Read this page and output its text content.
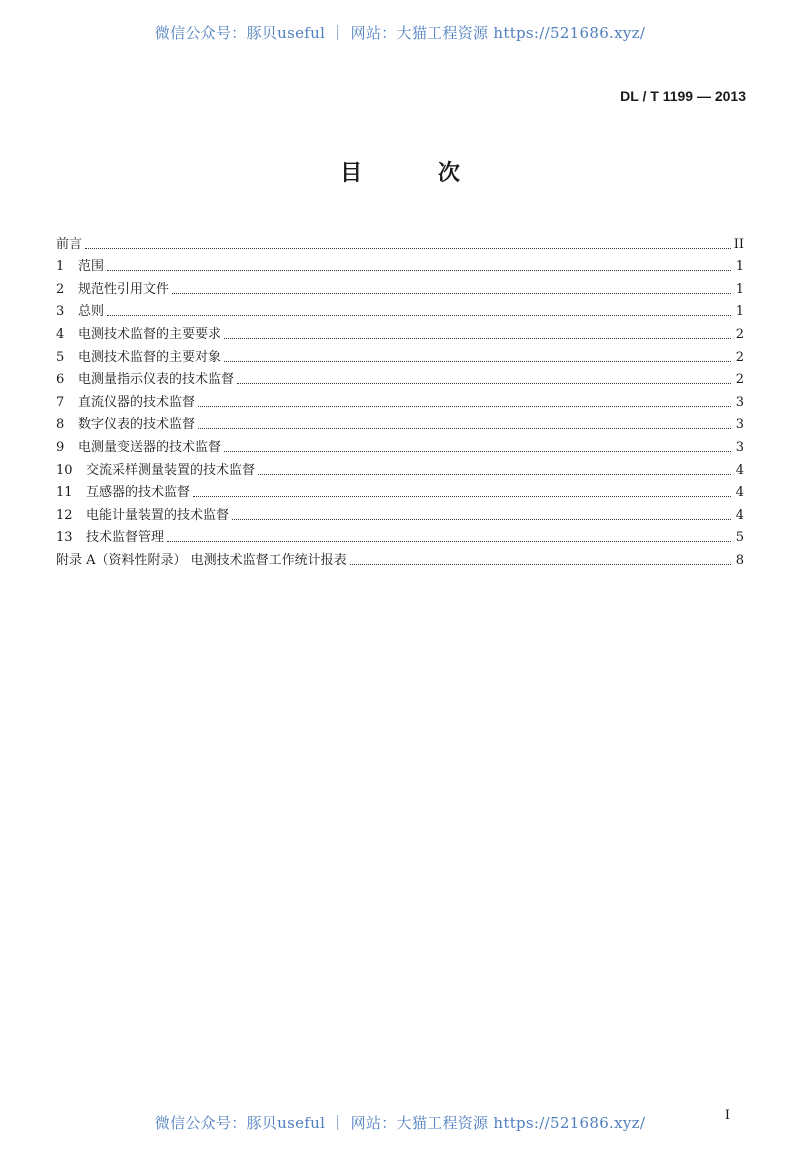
微信公众号：豚贝useful ｜ 网站：大猫工程资源 https://521686.xyz/
DL / T 1199 — 2013
目 次
前言	II
1	范围	1
2	规范性引用文件	1
3	总则	1
4	电测技术监督的主要要求	2
5	电测技术监督的主要对象	2
6	电测量指示仪表的技术监督	2
7	直流仪器的技术监督	3
8	数字仪表的技术监督	3
9	电测量变送器的技术监督	3
10	交流采样测量装置的技术监督	4
11	互感器的技术监督	4
12	电能计量装置的技术监督	4
13	技术监督管理	5
附录 A（资料性附录） 电测技术监督工作统计报表	8
微信公众号：豚贝useful ｜ 网站：大猫工程资源 https://521686.xyz/	I
